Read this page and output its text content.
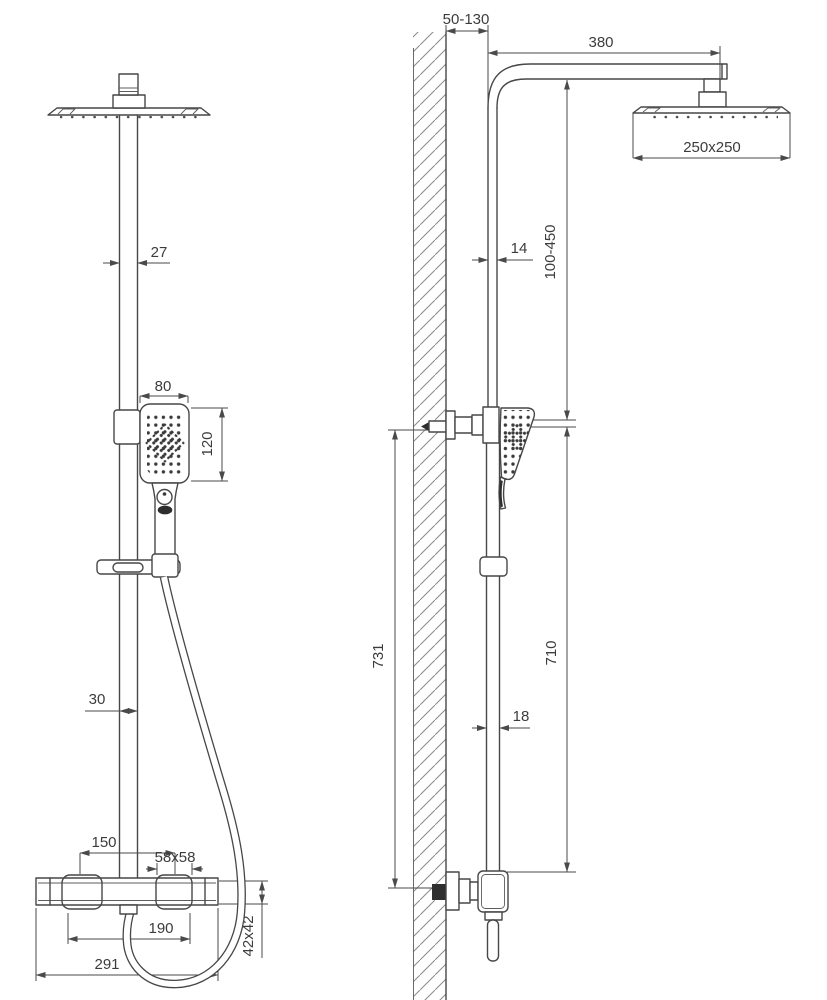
27
80
120
30
150
58x58
190
291
42x42
50-130
380
14 100-450
710
731
18
250x250
